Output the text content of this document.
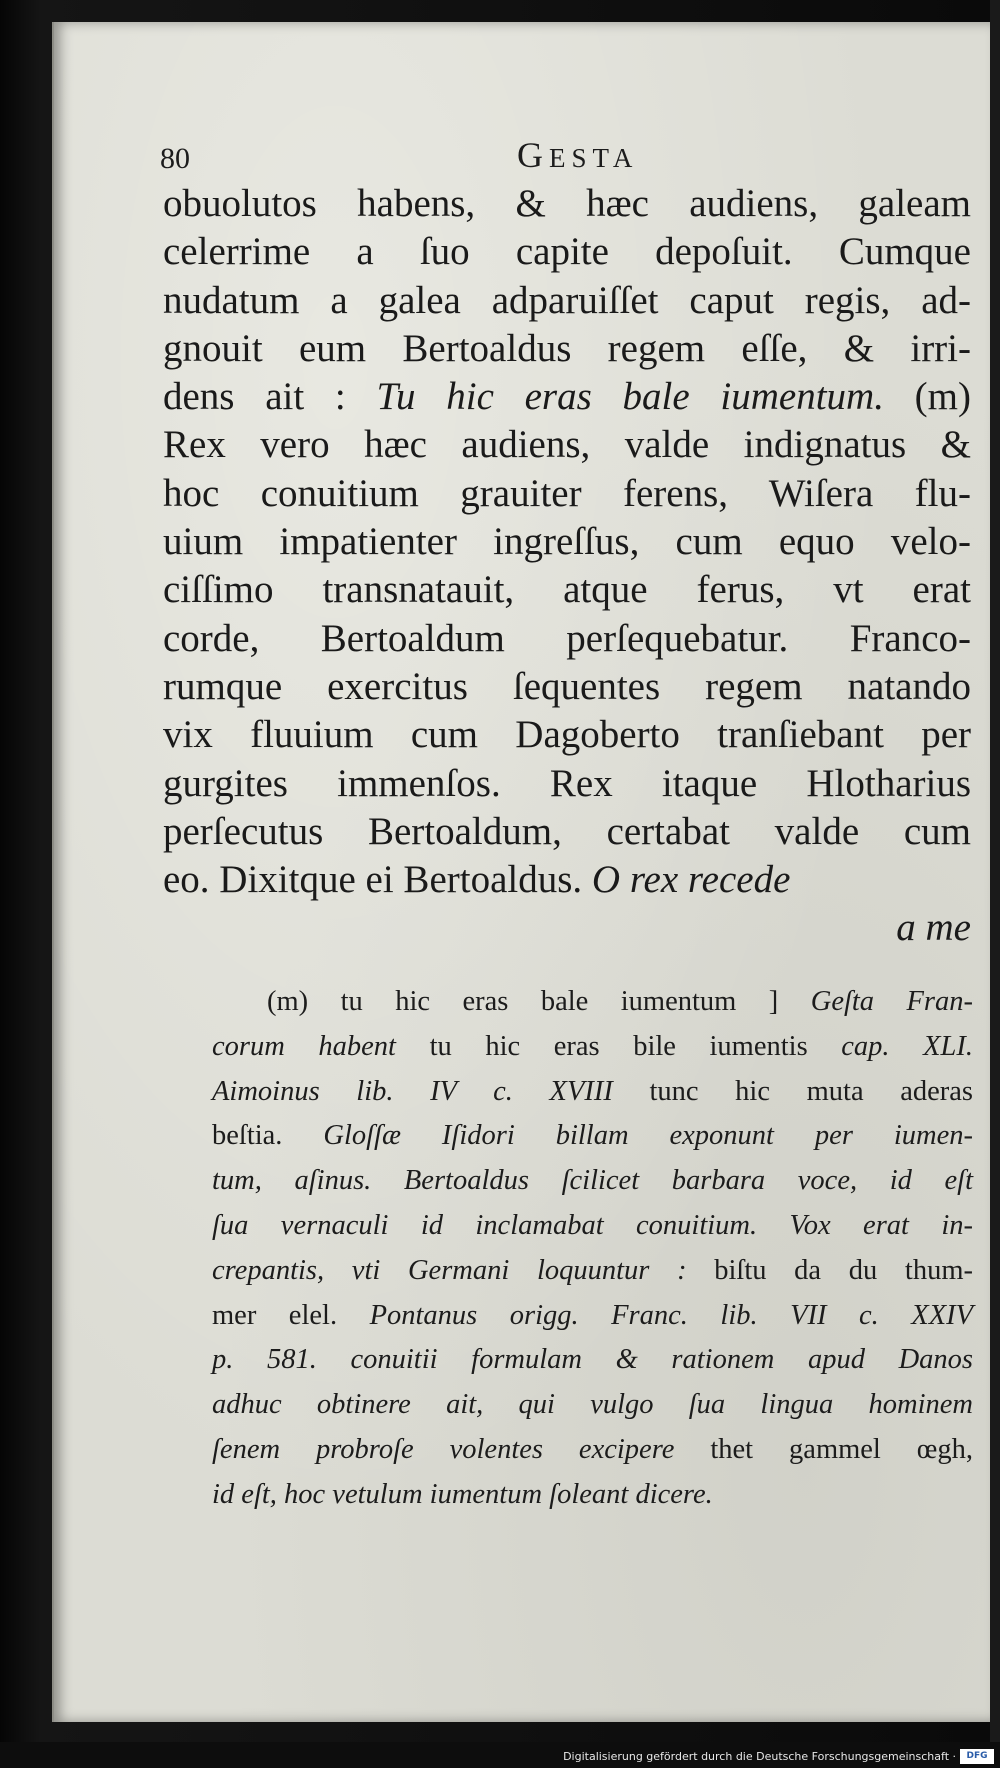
80	GESTA
obuolutos habens, & hæc audiens, galeam
celerrime a ſuo capite depoſuit. Cumque
nudatum a galea adparuiſſet caput regis, ad-
gnouit eum Bertoaldus regem eſſe, & irri-
dens ait : Tu hic eras bale iumentum. (m)
Rex vero hæc audiens, valde indignatus &
hoc conuitium grauiter ferens, Wiſera flu-
uium impatienter ingreſſus, cum equo velo-
ciſſimo transnatauit, atque ferus, vt erat
corde, Bertoaldum perſequebatur. Franco-
rumque exercitus ſequentes regem natando
vix fluuium cum Dagoberto tranſiebant per
gurgites immenſos. Rex itaque Hlotharius
perſecutus Bertoaldum, certabat valde cum
eo. Dixitque ei Bertoaldus. O rex recede
a me
(m) tu hic eras bale iumentum ] Geſta Fran-
corum habent tu hic eras bile iumentis cap. XLI.
Aimoinus lib. IV c. XVIII tunc hic muta aderas
beſtia. Gloſſæ Iſidori billam exponunt per iumen-
tum, aſinus. Bertoaldus ſcilicet barbara voce, id eſt
ſua vernaculi id inclamabat conuitium. Vox erat in-
crepantis, vti Germani loquuntur : biſtu da du thum-
mer elel. Pontanus origg. Franc. lib. VII c. XXIV
p. 581. conuitii formulam & rationem apud Danos
adhuc obtinere ait, qui vulgo ſua lingua hominem
ſenem probroſe volentes excipere thet gammel œgh,
id eſt, hoc vetulum iumentum ſoleant dicere.
Digitalisierung gefördert durch die Deutsche Forschungsgemeinschaft ·	DFG
